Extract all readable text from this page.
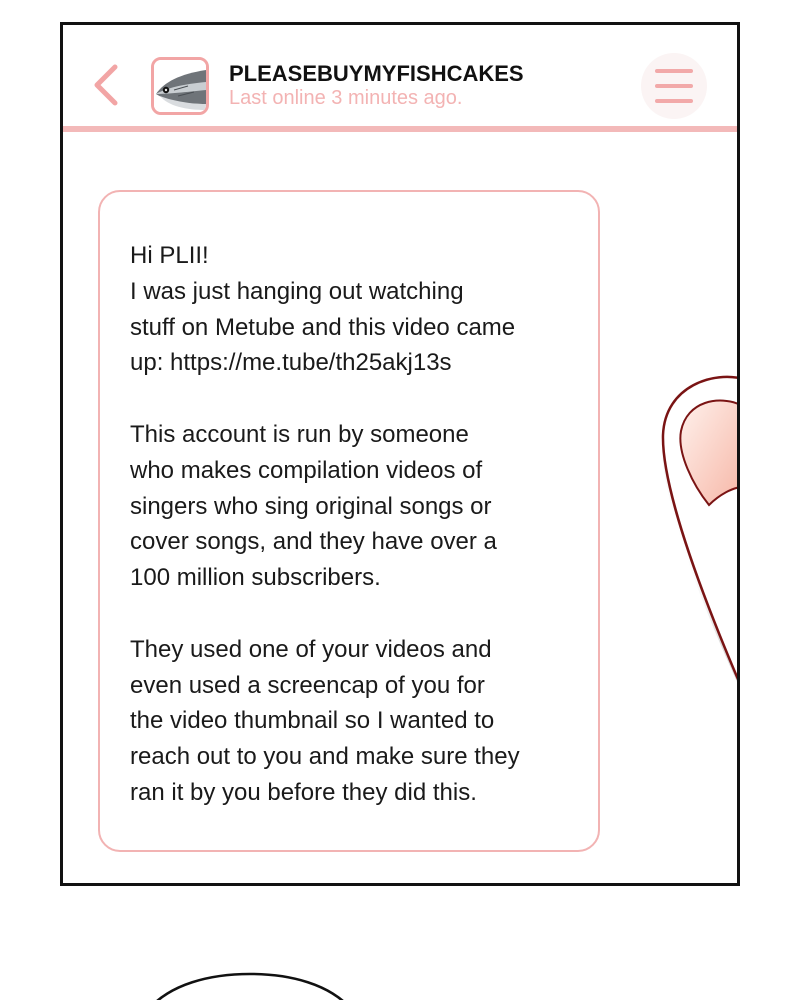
PLEASEBUYMYFISHCAKES
Last online 3 minutes ago.

Hi PLII!
I was just hanging out watching
stuff on Metube and this video came
up: https://me.tube/th25akj13s

This account is run by someone
who makes compilation videos of
singers who sing original songs or
cover songs, and they have over a
100 million subscribers.

They used one of your videos and
even used a screencap of you for
the video thumbnail so I wanted to
reach out to you and make sure they
ran it by you before they did this.
